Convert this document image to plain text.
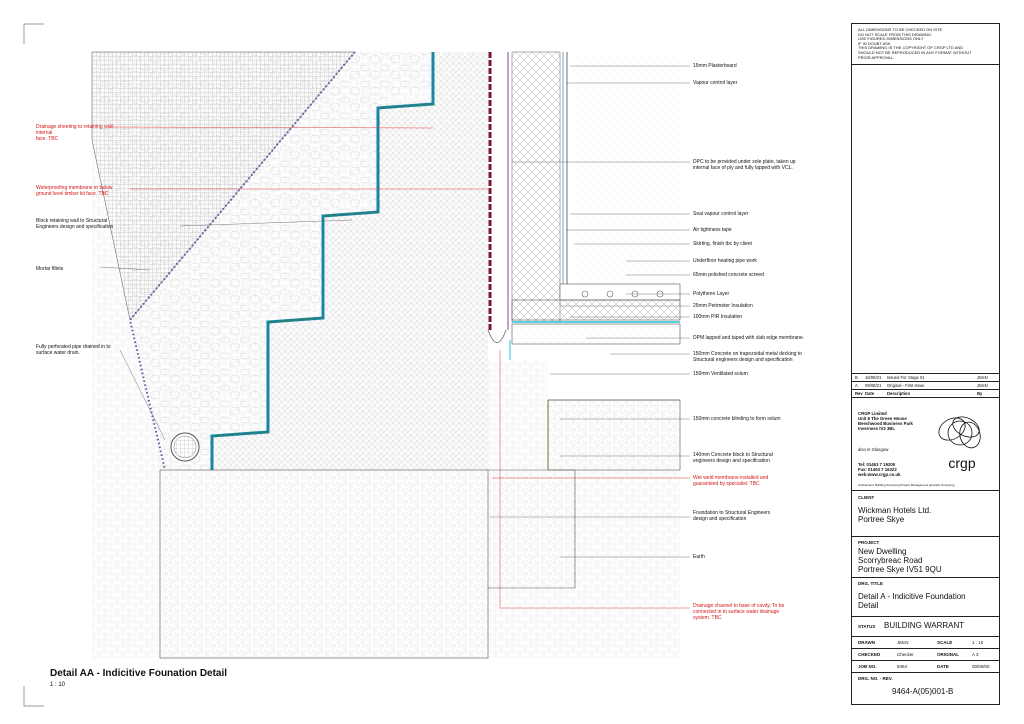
Drainage sheeting to retaining wall internal
face. TBC
Waterproofing membrane to below
ground level timber kit face. TBC
Block retaining wall to Structural
Engineers design and specification
Mortar fillets
Fully perforated pipe drained in to
surface water drain.
15mm Plasterboard
Vapour control layer
DPC to be provided under sole plate, taken up
internal face of ply and fully lapped with VCL.
Seal vapour control layer
Air tightness tape
Skirting, finish tbc by client
Underfloor heating pipe work
65mm polished concrete screed
Polythene Layer
25mm Perimeter Insulation
100mm PIR Insulation
DPM lapped and taped with slab edge membrane.
150mm Concrete on trapezoidal metal decking to
Structural engineers design and specification
150mm Ventilated solum
150mm concrete blinding to form solum
140mm Concrete block to Structural
engineers design and specification
Wet weld membrane installed and
guaranteed by specialist. TBC
Foundation to Structural Engineers
design and specification
Earth
Drainage channel to base of cavity. To be
connected in to surface water drainage
system. TBC
Detail AA - Indicitive Founation Detail
1 : 10
ALL DIMENSIONS TO BE CHECKED ON SITE
DO NOT SCALE FROM THIS DRAWING.
USE FIGURED DIMENSIONS ONLY
IF IN DOUBT ASK
THIS DRAWING IS THE COPYRIGHT OF CRGP LTD AND
SHOULD NOT BE REPRODUCED IN ANY FORMAT WITHOUT
PRIOR APPROVAL.
B	16/09/21	Issued For Stage 01	JMcN
A	09/08/21	Original - First Issue	JMcN
Rev Date	Description	By
CRGP Limited
Unit 8 The Green House
Beechwood Business Park
Inverness IV2 3BL
also in Glasgow
Tel: 01463 7 19200
Fax: 01463 7 16322
web:www.crgp.co.uk
Architecture Building Surveying Project Management Quantity Surveying
crgp
CLIENT
Wickman Hotels Ltd.
Portree Skye
PROJECT
New Dwelling
Scorrybreac Road
Portree Skye IV51 9QU
DRG. TITLE
Detail A - Indicitive Foundation
Detail
STATUS BUILDING WARRANT
DRAWN	JMcN	SCALE	1 : 10
CHECKED	Checker	ORIGINAL	A 3
JOB NO.	9464	DATE	00/00/00
DRG. NO. - REV.
9464-A(05)001-B
